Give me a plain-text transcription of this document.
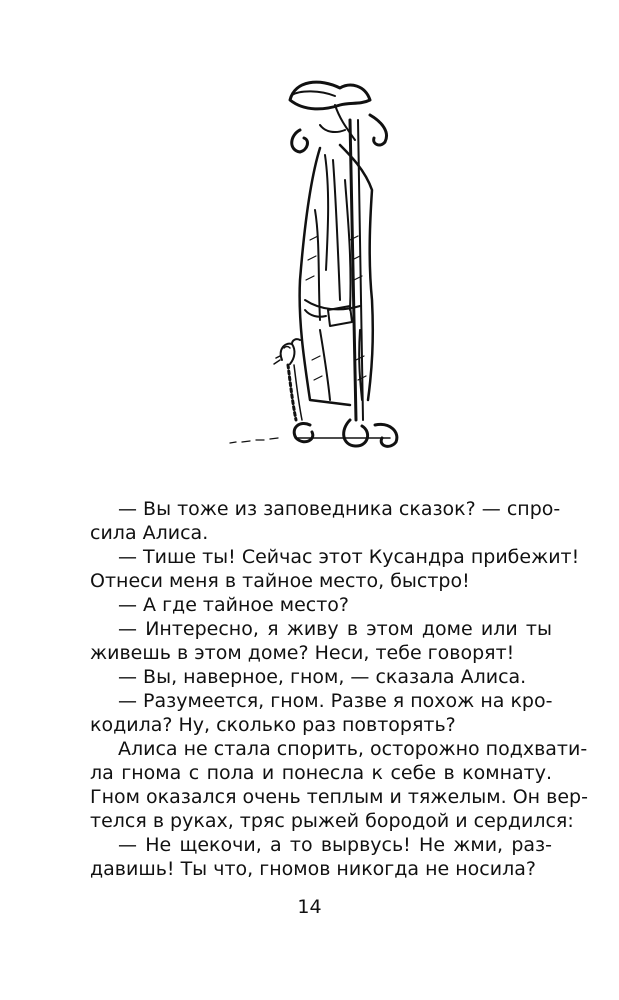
— Вы тоже из заповедника сказок? — спро-
сила Алиса.
— Тише ты! Сейчас этот Кусандра прибежит!
Отнеси меня в тайное место, быстро!
— А где тайное место?
— Интересно, я живу в этом доме или ты
живешь в этом доме? Неси, тебе говорят!
— Вы, наверное, гном, — сказала Алиса.
— Разумеется, гном. Разве я похож на кро-
кодила? Ну, сколько раз повторять?
Алиса не стала спорить, осторожно подхвати-
ла гнома с пола и понесла к себе в комнату.
Гном оказался очень теплым и тяжелым. Он вер-
телся в руках, тряс рыжей бородой и сердился:
— Не щекочи, а то вырвусь! Не жми, раз-
давишь! Ты что, гномов никогда не носила?
14
